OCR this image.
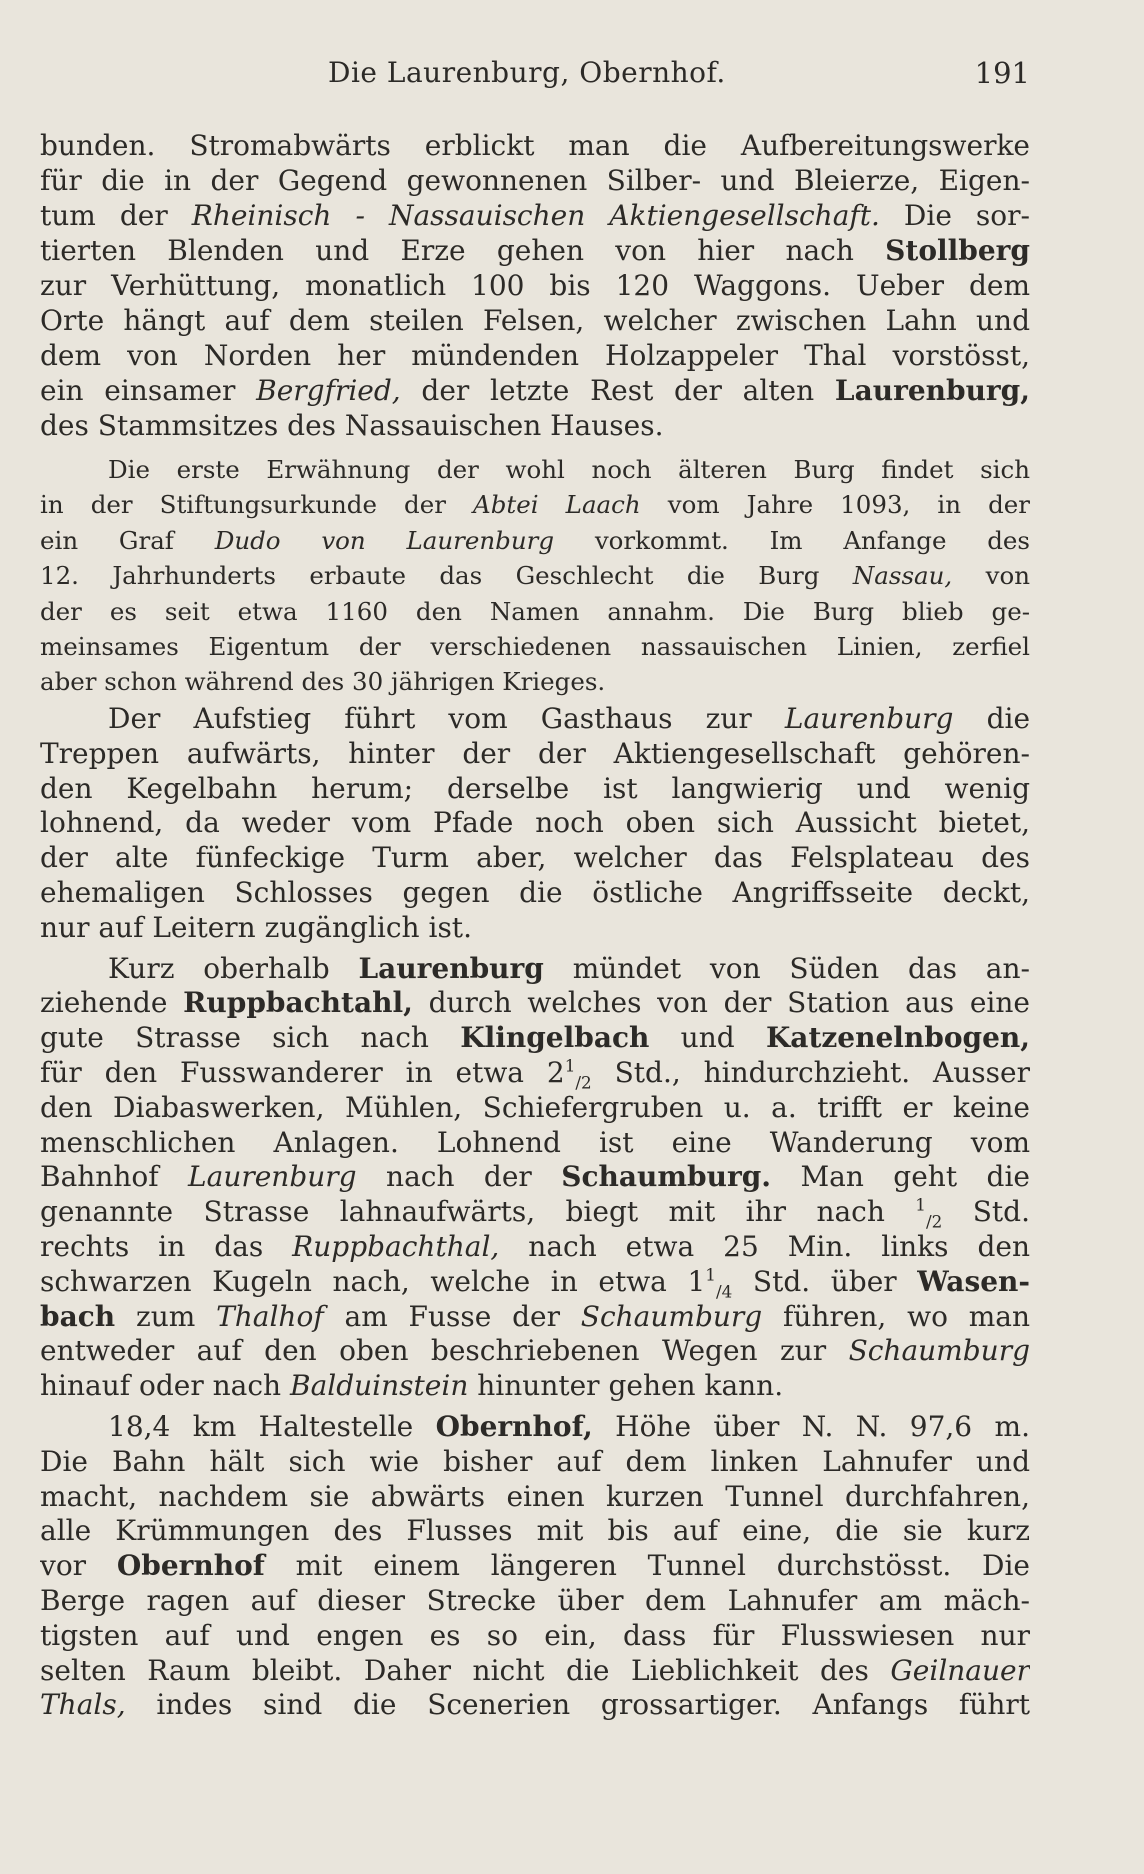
Die Laurenburg, Obernhof.	191
bunden. Stromabwärts erblickt man die Aufbereitungswerke
für die in der Gegend gewonnenen Silber- und Bleierze, Eigen-
tum der Rheinisch - Nassauischen Aktiengesellschaft. Die sor-
tierten Blenden und Erze gehen von hier nach Stollberg
zur Verhüttung, monatlich 100 bis 120 Waggons. Ueber dem
Orte hängt auf dem steilen Felsen, welcher zwischen Lahn und
dem von Norden her mündenden Holzappeler Thal vorstösst,
ein einsamer Bergfried, der letzte Rest der alten Laurenburg,
des Stammsitzes des Nassauischen Hauses.
Die erste Erwähnung der wohl noch älteren Burg findet sich
in der Stiftungsurkunde der Abtei Laach vom Jahre 1093, in der
ein Graf Dudo von Laurenburg vorkommt. Im Anfange des
12. Jahrhunderts erbaute das Geschlecht die Burg Nassau, von
der es seit etwa 1160 den Namen annahm. Die Burg blieb ge-
meinsames Eigentum der verschiedenen nassauischen Linien, zerfiel
aber schon während des 30 jährigen Krieges.
Der Aufstieg führt vom Gasthaus zur Laurenburg die
Treppen aufwärts, hinter der der Aktiengesellschaft gehören-
den Kegelbahn herum; derselbe ist langwierig und wenig
lohnend, da weder vom Pfade noch oben sich Aussicht bietet,
der alte fünfeckige Turm aber, welcher das Felsplateau des
ehemaligen Schlosses gegen die östliche Angriffsseite deckt,
nur auf Leitern zugänglich ist.
Kurz oberhalb Laurenburg mündet von Süden das an-
ziehende Ruppbachtahl, durch welches von der Station aus eine
gute Strasse sich nach Klingelbach und Katzenelnbogen,
für den Fusswanderer in etwa $2^1_{/2}$ Std., hindurchzieht. Ausser
den Diabaswerken, Mühlen, Schiefergruben u. a. trifft er keine
menschlichen Anlagen. Lohnend ist eine Wanderung vom
Bahnhof Laurenburg nach der Schaumburg. Man geht die
genannte Strasse lahnaufwärts, biegt mit ihr nach $^1_{/2}$ Std.
rechts in das Ruppbachthal, nach etwa 25 Min. links den
schwarzen Kugeln nach, welche in etwa $1^1_{/4}$ Std. über Wasen-
bach zum Thalhof am Fusse der Schaumburg führen, wo man
entweder auf den oben beschriebenen Wegen zur Schaumburg
hinauf oder nach Balduinstein hinunter gehen kann.
18,4 km Haltestelle Obernhof, Höhe über N. N. 97,6 m.
Die Bahn hält sich wie bisher auf dem linken Lahnufer und
macht, nachdem sie abwärts einen kurzen Tunnel durchfahren,
alle Krümmungen des Flusses mit bis auf eine, die sie kurz
vor Obernhof mit einem längeren Tunnel durchstösst. Die
Berge ragen auf dieser Strecke über dem Lahnufer am mäch-
tigsten auf und engen es so ein, dass für Flusswiesen nur
selten Raum bleibt. Daher nicht die Lieblichkeit des Geilnauer
Thals, indes sind die Scenerien grossartiger. Anfangs führt
